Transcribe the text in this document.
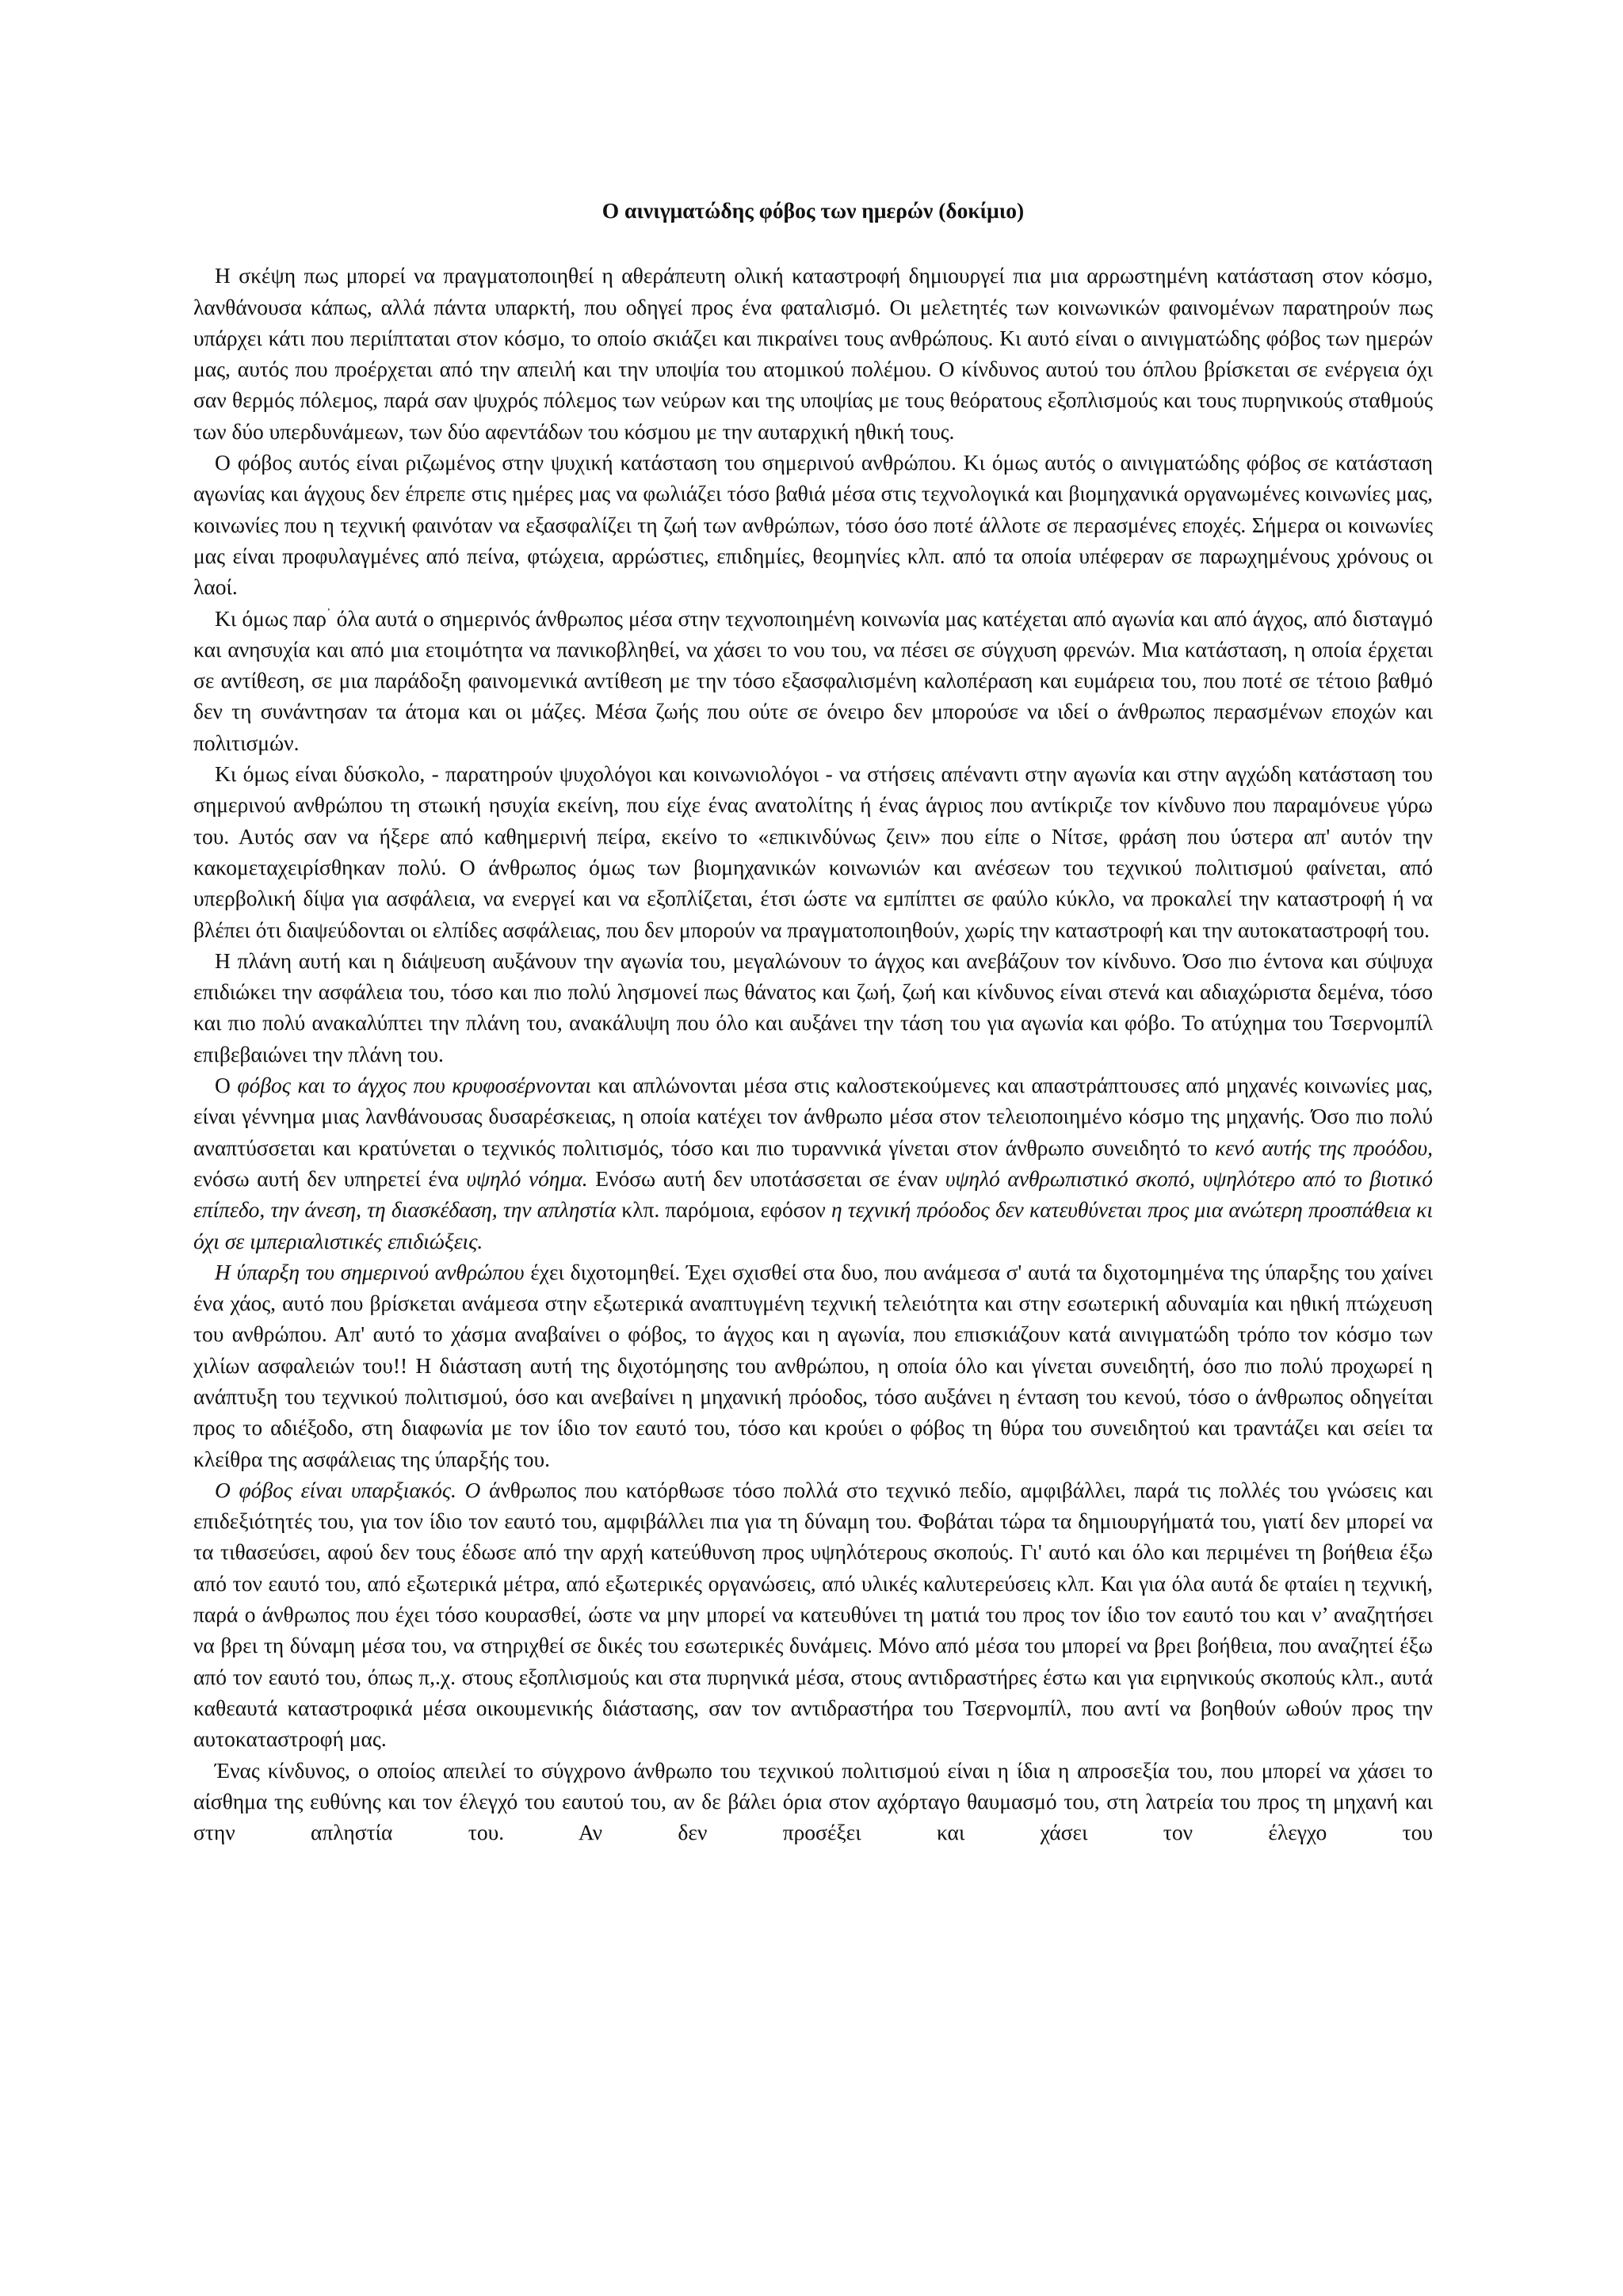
Ο αινιγματώδης φόβος των ημερών (δοκίμιο)

Η σκέψη πως μπορεί να πραγματοποιηθεί η αθεράπευτη ολική καταστροφή δημιουργεί πια μια αρρωστημένη κατάσταση στον κόσμο, λανθάνουσα κάπως, αλλά πάντα υπαρκτή, που οδηγεί προς ένα φαταλισμό. Οι μελετητές των κοινωνικών φαινομένων παρατηρούν πως υπάρχει κάτι που περιίπταται στον κόσμο, το οποίο σκιάζει και πικραίνει τους ανθρώπους. Κι αυτό είναι ο αινιγματώδης φόβος των ημερών μας, αυτός που προέρχεται από την απειλή και την υποψία του ατομικού πολέμου. Ο κίνδυνος αυτού του όπλου βρίσκεται σε ενέργεια όχι σαν θερμός πόλεμος, παρά σαν ψυχρός πόλεμος των νεύρων και της υποψίας με τους θεόρατους εξοπλισμούς και τους πυρηνικούς σταθμούς των δύο υπερδυνάμεων, των δύο αφεντάδων του κόσμου με την αυταρχική ηθική τους.

Ο φόβος αυτός είναι ριζωμένος στην ψυχική κατάσταση του σημερινού ανθρώπου. Κι όμως αυτός ο αινιγματώδης φόβος σε κατάσταση αγωνίας και άγχους δεν έπρεπε στις ημέρες μας να φωλιάζει τόσο βαθιά μέσα στις τεχνολογικά και βιομηχανικά οργανωμένες κοινωνίες μας, κοινωνίες που η τεχνική φαινόταν να εξασφαλίζει τη ζωή των ανθρώπων, τόσο όσο ποτέ άλλοτε σε περασμένες εποχές. Σήμερα οι κοινωνίες μας είναι προφυλαγμένες από πείνα, φτώχεια, αρρώστιες, επιδημίες, θεομηνίες κλπ. από τα οποία υπέφεραν σε παρωχημένους χρόνους οι λαοί.

Κι όμως παρ᾽ όλα αυτά ο σημερινός άνθρωπος μέσα στην τεχνοποιημένη κοινωνία μας κατέχεται από αγωνία και από άγχος, από δισταγμό και ανησυχία και από μια ετοιμότητα να πανικοβληθεί, να χάσει το νου του, να πέσει σε σύγχυση φρενών. Μια κατάσταση, η οποία έρχεται σε αντίθεση, σε μια παράδοξη φαινομενικά αντίθεση με την τόσο εξασφαλισμένη καλοπέραση και ευμάρεια του, που ποτέ σε τέτοιο βαθμό δεν τη συνάντησαν τα άτομα και οι μάζες. Μέσα ζωής που ούτε σε όνειρο δεν μπορούσε να ιδεί ο άνθρωπος περασμένων εποχών και πολιτισμών.

Κι όμως είναι δύσκολο, - παρατηρούν ψυχολόγοι και κοινωνιολόγοι - να στήσεις απέναντι στην αγωνία και στην αγχώδη κατάσταση του σημερινού ανθρώπου τη στωική ησυχία εκείνη, που είχε ένας ανατολίτης ή ένας άγριος που αντίκριζε τον κίνδυνο που παραμόνευε γύρω του. Αυτός σαν να ήξερε από καθημερινή πείρα, εκείνο το «επικινδύνως ζειν» που είπε ο Νίτσε, φράση που ύστερα απ' αυτόν την κακομεταχειρίσθηκαν πολύ. Ο άνθρωπος όμως των βιομηχανικών κοινωνιών και ανέσεων του τεχνικού πολιτισμού φαίνεται, από υπερβολική δίψα για ασφάλεια, να ενεργεί και να εξοπλίζεται, έτσι ώστε να εμπίπτει σε φαύλο κύκλο, να προκαλεί την καταστροφή ή να βλέπει ότι διαψεύδονται οι ελπίδες ασφάλειας, που δεν μπορούν να πραγματοποιηθούν, χωρίς την καταστροφή και την αυτοκαταστροφή του.

Η πλάνη αυτή και η διάψευση αυξάνουν την αγωνία του, μεγαλώνουν το άγχος και ανεβάζουν τον κίνδυνο. Όσο πιο έντονα και σύψυχα επιδιώκει την ασφάλεια του, τόσο και πιο πολύ λησμονεί πως θάνατος και ζωή, ζωή και κίνδυνος είναι στενά και αδιαχώριστα δεμένα, τόσο και πιο πολύ ανακαλύπτει την πλάνη του, ανακάλυψη που όλο και αυξάνει την τάση του για αγωνία και φόβο. Το ατύχημα του Τσερνομπίλ επιβεβαιώνει την πλάνη του.

Ο φόβος και το άγχος που κρυφοσέρνονται και απλώνονται μέσα στις καλοστεκούμενες και απαστράπτουσες από μηχανές κοινωνίες μας, είναι γέννημα μιας λανθάνουσας δυσαρέσκειας, η οποία κατέχει τον άνθρωπο μέσα στον τελειοποιημένο κόσμο της μηχανής. Όσο πιο πολύ αναπτύσσεται και κρατύνεται ο τεχνικός πολιτισμός, τόσο και πιο τυραννικά γίνεται στον άνθρωπο συνειδητό το κενό αυτής της προόδου, ενόσω αυτή δεν υπηρετεί ένα υψηλό νόημα. Ενόσω αυτή δεν υποτάσσεται σε έναν υψηλό ανθρωπιστικό σκοπό, υψηλότερο από το βιοτικό επίπεδο, την άνεση, τη διασκέδαση, την απληστία κλπ. παρόμοια, εφόσον η τεχνική πρόοδος δεν κατευθύνεται προς μια ανώτερη προσπάθεια κι όχι σε ιμπεριαλιστικές επιδιώξεις.

Η ύπαρξη του σημερινού ανθρώπου έχει διχοτομηθεί. Έχει σχισθεί στα δυο, που ανάμεσα σ' αυτά τα διχοτομημένα της ύπαρξης του χαίνει ένα χάος, αυτό που βρίσκεται ανάμεσα στην εξωτερικά αναπτυγμένη τεχνική τελειότητα και στην εσωτερική αδυναμία και ηθική πτώχευση του ανθρώπου. Απ' αυτό το χάσμα αναβαίνει ο φόβος, το άγχος και η αγωνία, που επισκιάζουν κατά αινιγματώδη τρόπο τον κόσμο των χιλίων ασφαλειών του!! Η διάσταση αυτή της διχοτόμησης του ανθρώπου, η οποία όλο και γίνεται συνειδητή, όσο πιο πολύ προχωρεί η ανάπτυξη του τεχνικού πολιτισμού, όσο και ανεβαίνει η μηχανική πρόοδος, τόσο αυξάνει η ένταση του κενού, τόσο ο άνθρωπος οδηγείται προς το αδιέξοδο, στη διαφωνία με τον ίδιο τον εαυτό του, τόσο και κρούει ο φόβος τη θύρα του συνειδητού και τραντάζει και σείει τα κλείθρα της ασφάλειας της ύπαρξής του.

Ο φόβος είναι υπαρξιακός. Ο άνθρωπος που κατόρθωσε τόσο πολλά στο τεχνικό πεδίο, αμφιβάλλει, παρά τις πολλές του γνώσεις και επιδεξιότητές του, για τον ίδιο τον εαυτό του, αμφιβάλλει πια για τη δύναμη του. Φοβάται τώρα τα δημιουργήματά του, γιατί δεν μπορεί να τα τιθασεύσει, αφού δεν τους έδωσε από την αρχή κατεύθυνση προς υψηλότερους σκοπούς. Γι' αυτό και όλο και περιμένει τη βοήθεια έξω από τον εαυτό του, από εξωτερικά μέτρα, από εξωτερικές οργανώσεις, από υλικές καλυτερεύσεις κλπ. Και για όλα αυτά δε φταίει η τεχνική, παρά ο άνθρωπος που έχει τόσο κουρασθεί, ώστε να μην μπορεί να κατευθύνει τη ματιά του προς τον ίδιο τον εαυτό του και ν’ αναζητήσει να βρει τη δύναμη μέσα του, να στηριχθεί σε δικές του εσωτερικές δυνάμεις. Μόνο από μέσα του μπορεί να βρει βοήθεια, που αναζητεί έξω από τον εαυτό του, όπως π,.χ. στους εξοπλισμούς και στα πυρηνικά μέσα, στους αντιδραστήρες έστω και για ειρηνικούς σκοπούς κλπ., αυτά καθεαυτά καταστροφικά μέσα οικουμενικής διάστασης, σαν τον αντιδραστήρα του Τσερνομπίλ, που αντί να βοηθούν ωθούν προς την αυτοκαταστροφή μας.

Ένας κίνδυνος, ο οποίος απειλεί το σύγχρονο άνθρωπο του τεχνικού πολιτισμού είναι η ίδια η απροσεξία του, που μπορεί να χάσει το αίσθημα της ευθύνης και τον έλεγχό του εαυτού του, αν δε βάλει όρια στον αχόρταγο θαυμασμό του, στη λατρεία του προς τη μηχανή και στην απληστία του. Αν δεν προσέξει και χάσει τον έλεγχο του
